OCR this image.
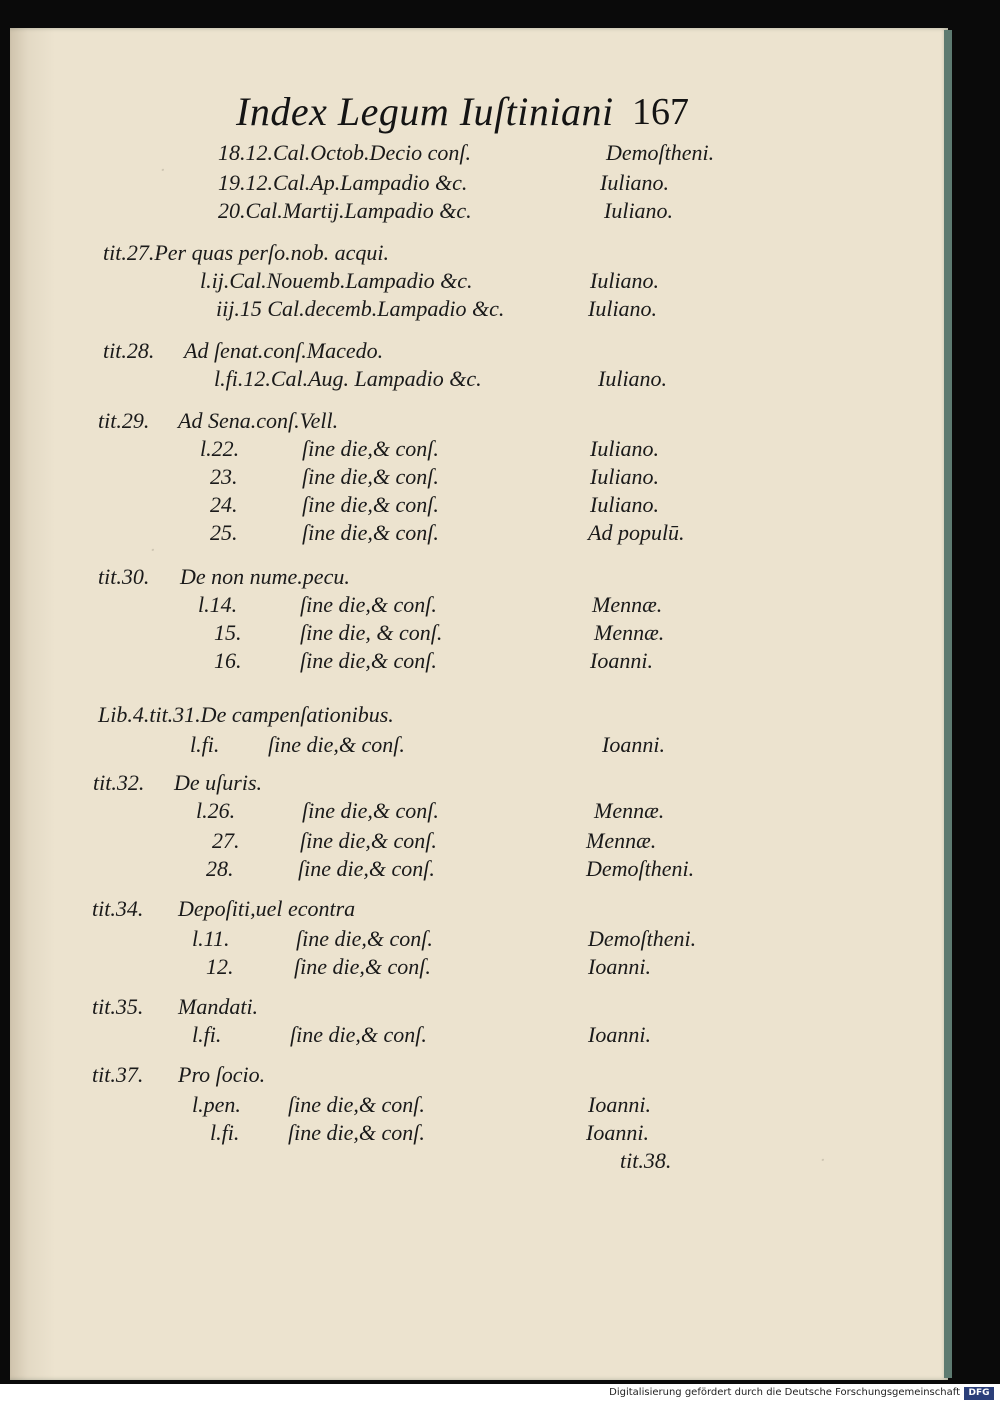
·
·
·
Index Legum Iuſtiniani 167
18.12.Cal.Octob.Decio conſ.	Demoſtheni.
19.12.Cal.Ap.Lampadio &c.	Iuliano.
20.Cal.Martij.Lampadio &c.	Iuliano.
tit.27.Per quas perſo.nob. acqui.
l.ij.Cal.Nouemb.Lampadio &c.	Iuliano.
iij.15 Cal.decemb.Lampadio &c.	Iuliano.
tit.28. Ad ſenat.conſ.Macedo.
l.fi.12.Cal.Aug. Lampadio &c.	Iuliano.
tit.29. Ad Sena.conſ.Vell.
l.22.	ſine die,& conſ.	Iuliano.
23.	ſine die,& conſ.	Iuliano.
24.	ſine die,& conſ.	Iuliano.
25.	ſine die,& conſ.	Ad populū.
tit.30. De non nume.pecu.
l.14.	ſine die,& conſ.	Mennæ.
15.	ſine die, & conſ.	Mennæ.
16.	ſine die,& conſ.	Ioanni.
Lib.4.tit.31.De campenſationibus.
l.fi. ſine die,& conſ.	Ioanni.
tit.32. De uſuris.
l.26.	ſine die,& conſ.	Mennæ.
27.	ſine die,& conſ.	Mennæ.
28.	ſine die,& conſ.	Demoſtheni.
tit.34. Depoſiti,uel econtra
l.11.	ſine die,& conſ.	Demoſtheni.
12.	ſine die,& conſ.	Ioanni.
tit.35. Mandati.
l.fi.	ſine die,& conſ.	Ioanni.
tit.37. Pro ſocio.
l.pen. ſine die,& conſ.	Ioanni.
l.fi. ſine die,& conſ.	Ioanni.
tit.38.
Digitalisierung gefördert durch die Deutsche Forschungsgemeinschaft DFG
